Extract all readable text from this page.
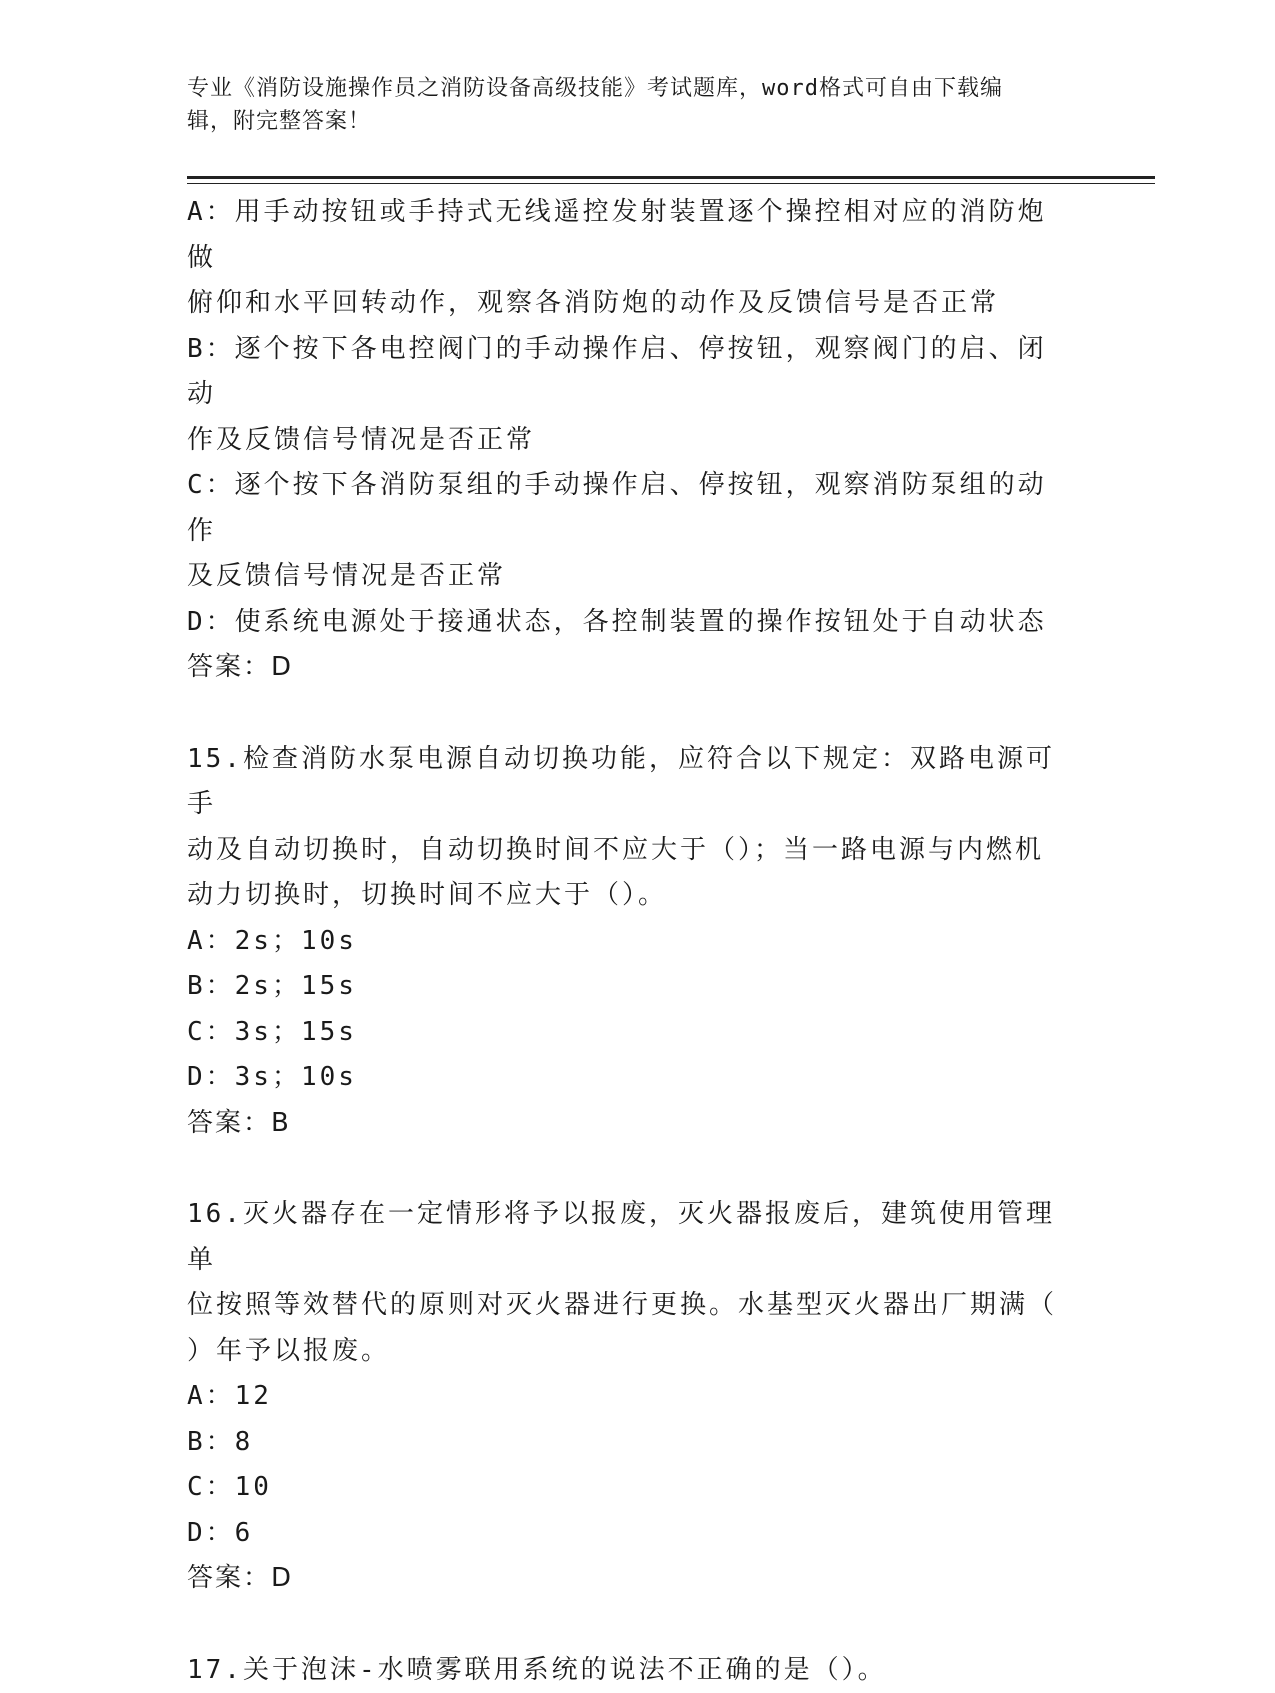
专业《消防设施操作员之消防设备高级技能》考试题库，word格式可自由下载编
辑，附完整答案！
A：用手动按钮或手持式无线遥控发射装置逐个操控相对应的消防炮做
俯仰和水平回转动作，观察各消防炮的动作及反馈信号是否正常
B：逐个按下各电控阀门的手动操作启、停按钮，观察阀门的启、闭动
作及反馈信号情况是否正常
C：逐个按下各消防泵组的手动操作启、停按钮，观察消防泵组的动作
及反馈信号情况是否正常
D：使系统电源处于接通状态，各控制装置的操作按钮处于自动状态
答案：D
15.检查消防水泵电源自动切换功能，应符合以下规定：双路电源可手
动及自动切换时，自动切换时间不应大于（）；当一路电源与内燃机
动力切换时，切换时间不应大于（）。
A：2s；10s
B：2s；15s
C：3s；15s
D：3s；10s
答案：B
16.灭火器存在一定情形将予以报废，灭火器报废后，建筑使用管理单
位按照等效替代的原则对灭火器进行更换。水基型灭火器出厂期满（
）年予以报废。
A：12
B：8
C：10
D：6
答案：D
17.关于泡沫-水喷雾联用系统的说法不正确的是（）。
